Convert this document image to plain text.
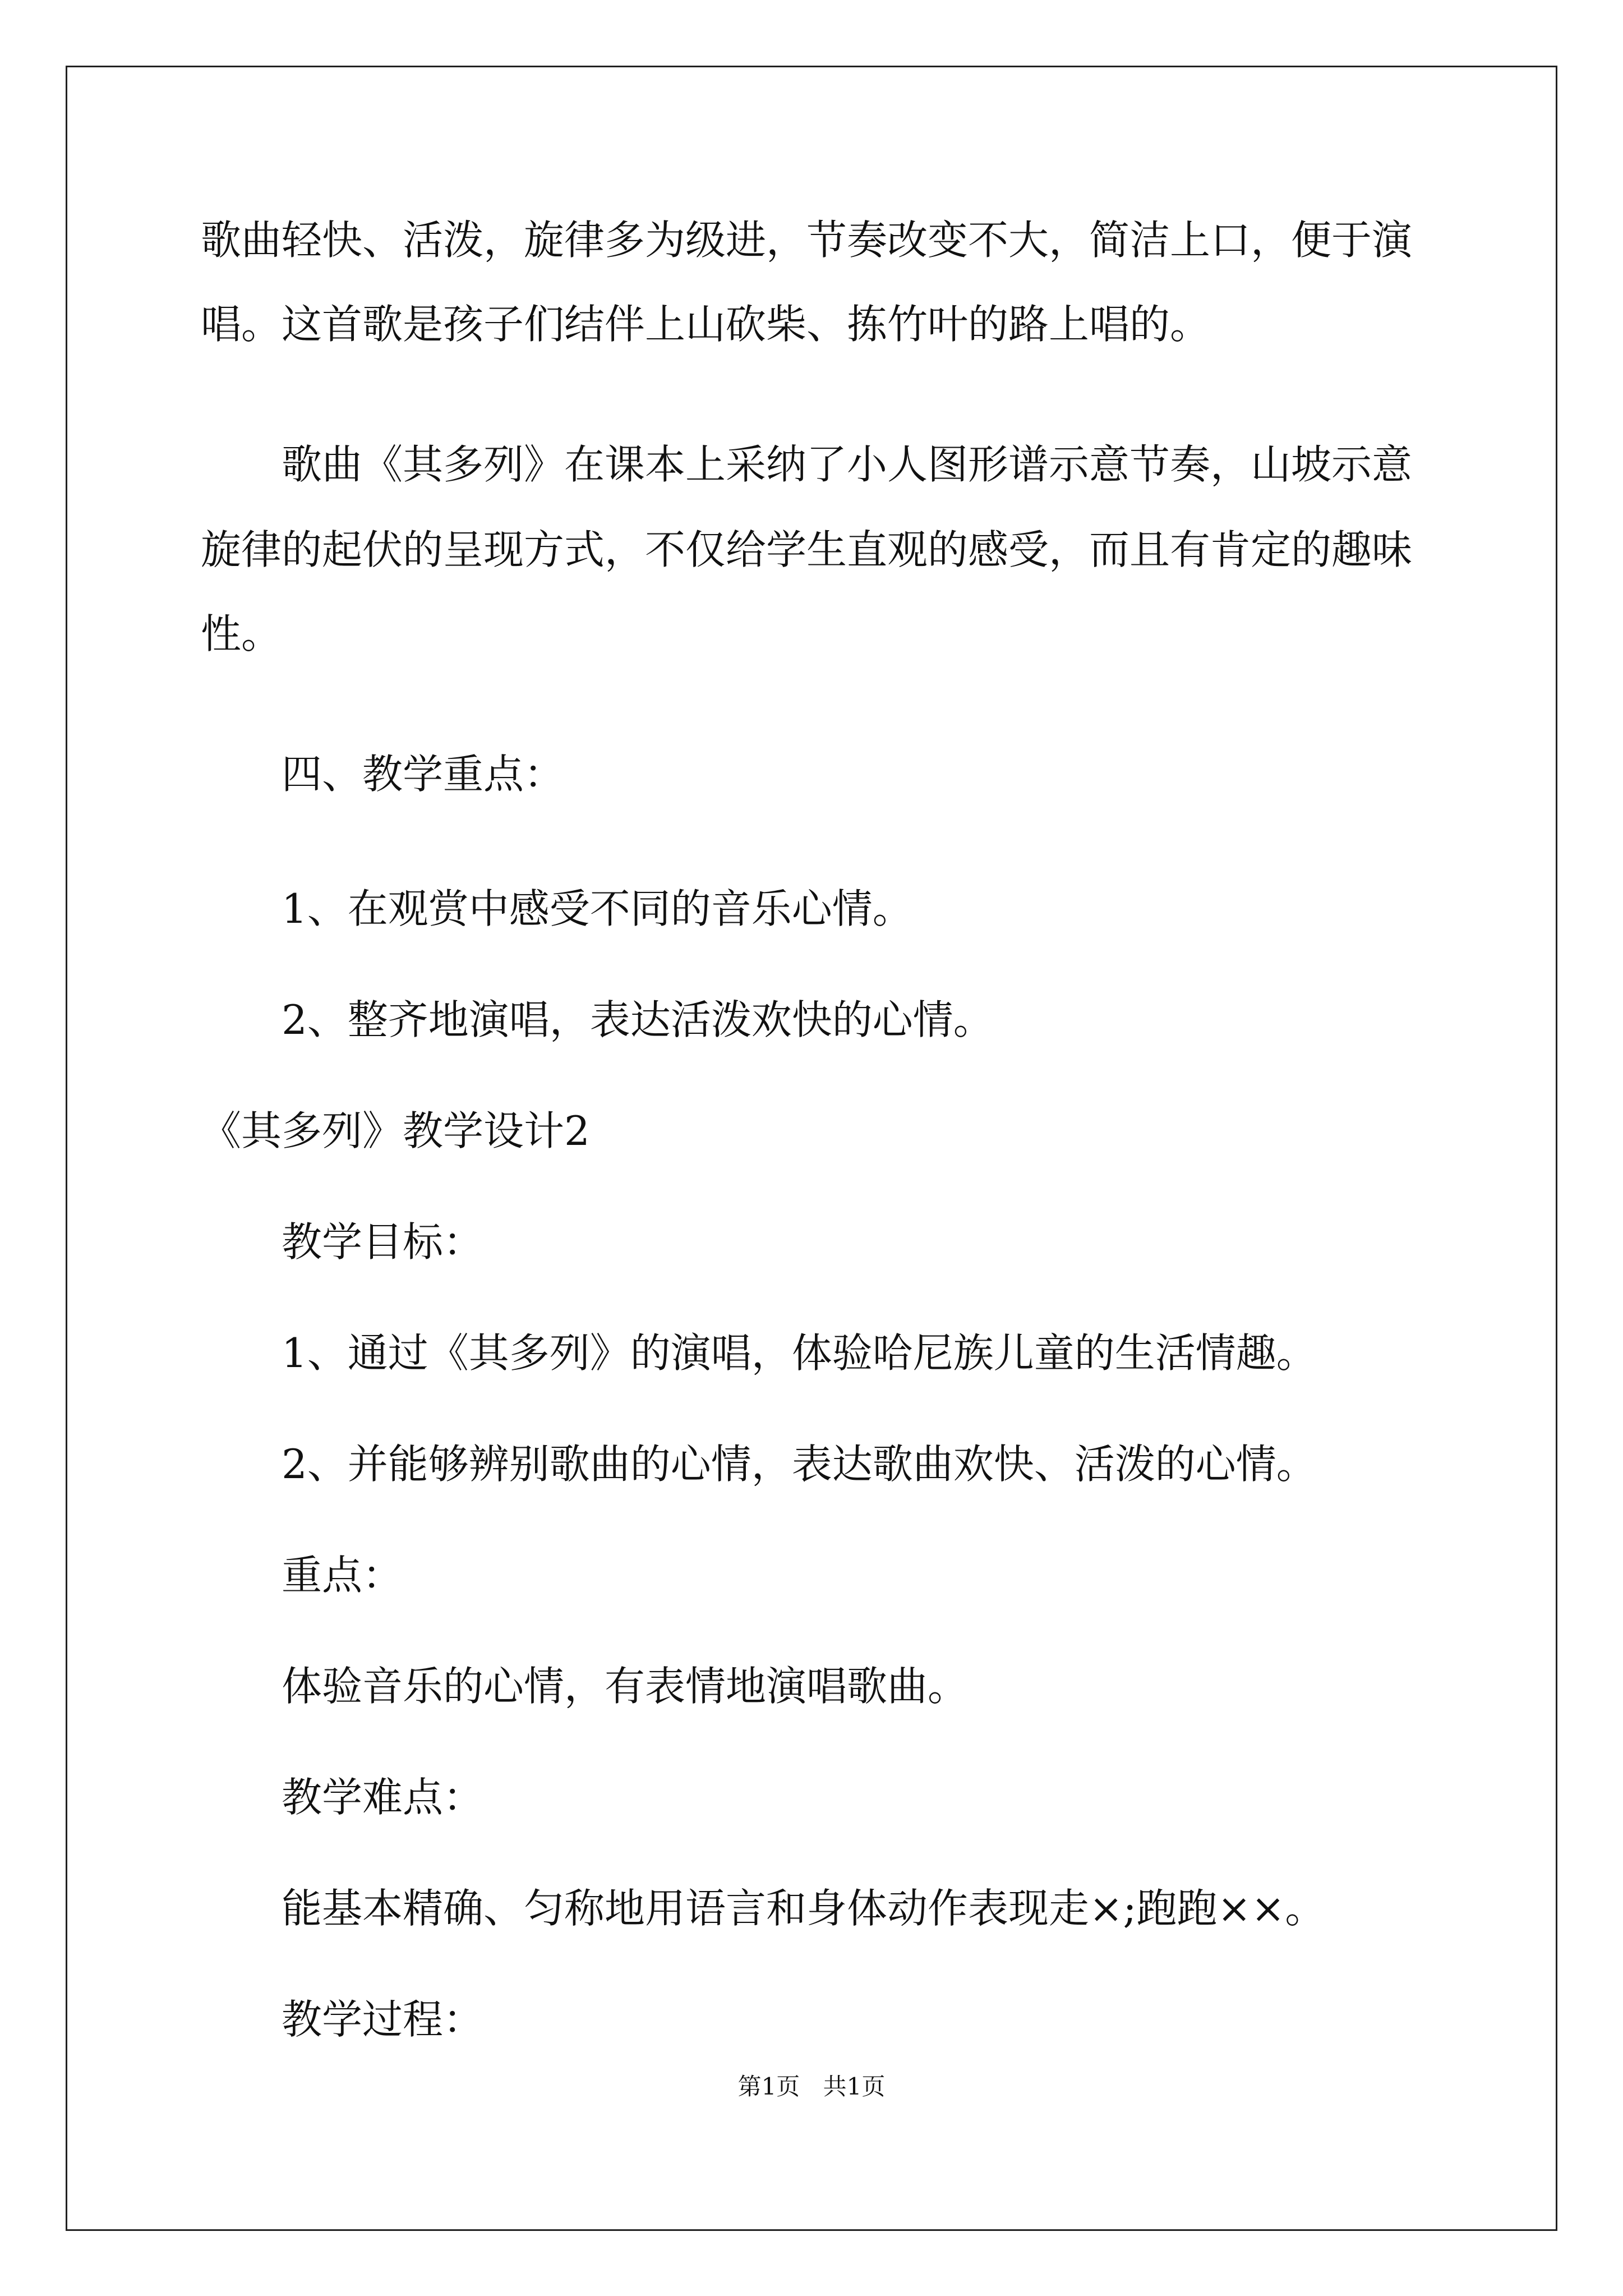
歌曲轻快、活泼，旋律多为级进，节奏改变不大，简洁上口，便于演
唱。这首歌是孩子们结伴上山砍柴、拣竹叶的路上唱的。
歌曲《其多列》在课本上采纳了小人图形谱示意节奏，山坡示意
旋律的起伏的呈现方式，不仅给学生直观的感受，而且有肯定的趣味
性。
四、教学重点：
1、在观赏中感受不同的音乐心情。
2、整齐地演唱，表达活泼欢快的心情。
《其多列》教学设计2
教学目标：
1、通过《其多列》的演唱，体验哈尼族儿童的生活情趣。
2、并能够辨别歌曲的心情，表达歌曲欢快、活泼的心情。
重点：
体验音乐的心情，有表情地演唱歌曲。
教学难点：
能基本精确、匀称地用语言和身体动作表现走×;跑跑××。
教学过程：
第1页 共1页
